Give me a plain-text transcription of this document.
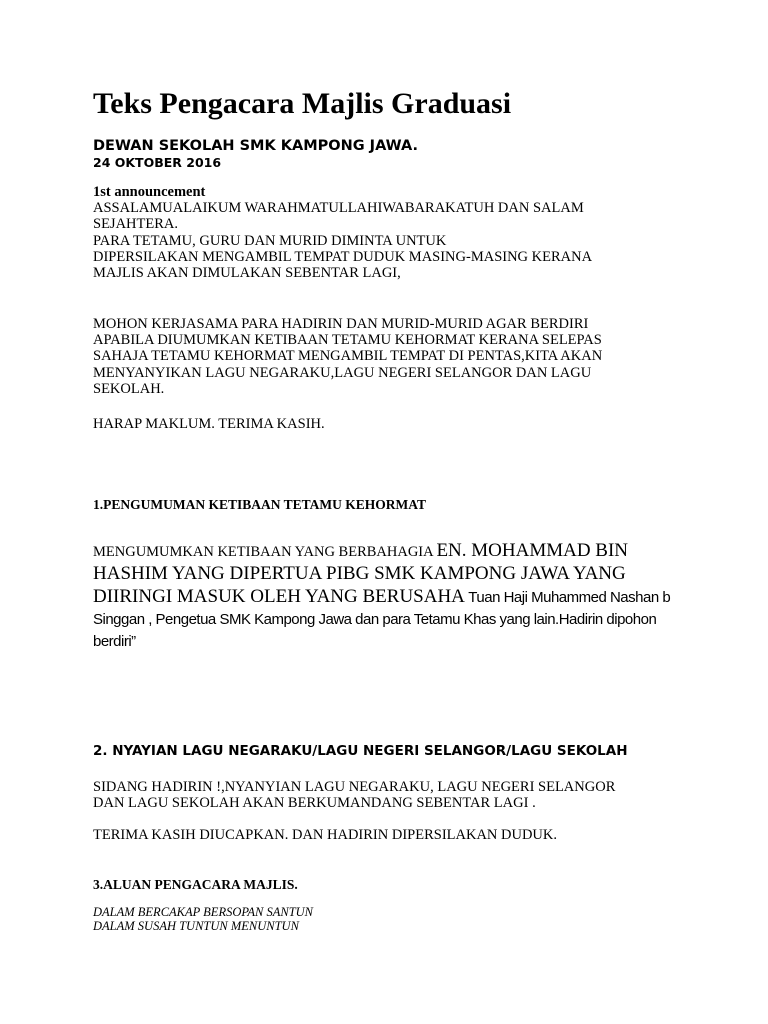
Teks Pengacara Majlis Graduasi
DEWAN SEKOLAH SMK KAMPONG JAWA.
24 OKTOBER 2016
1st announcement
ASSALAMUALAIKUM WARAHMATULLAHIWABARAKATUH DAN SALAM
SEJAHTERA.
PARA TETAMU, GURU DAN MURID DIMINTA UNTUK
DIPERSILAKAN MENGAMBIL TEMPAT DUDUK MASING-MASING KERANA
MAJLIS AKAN DIMULAKAN SEBENTAR LAGI,
MOHON KERJASAMA PARA HADIRIN DAN MURID-MURID AGAR BERDIRI
APABILA DIUMUMKAN KETIBAAN TETAMU KEHORMAT KERANA SELEPAS
SAHAJA TETAMU KEHORMAT MENGAMBIL TEMPAT DI PENTAS,KITA AKAN
MENYANYIKAN LAGU NEGARAKU,LAGU NEGERI SELANGOR DAN LAGU
SEKOLAH.
HARAP MAKLUM. TERIMA KASIH.
1.PENGUMUMAN KETIBAAN TETAMU KEHORMAT
MENGUMUMKAN KETIBAAN YANG BERBAHAGIA EN. MOHAMMAD BIN HASHIM YANG DIPERTUA PIBG SMK KAMPONG JAWA YANG DIIRINGI MASUK OLEH YANG BERUSAHA Tuan Haji Muhammed Nashan b Singgan , Pengetua SMK Kampong Jawa dan para Tetamu Khas yang lain.Hadirin dipohon berdiri”
2. NYAYIAN LAGU NEGARAKU/LAGU NEGERI SELANGOR/LAGU SEKOLAH
SIDANG HADIRIN !,NYANYIAN LAGU NEGARAKU, LAGU NEGERI SELANGOR
DAN LAGU SEKOLAH AKAN BERKUMANDANG SEBENTAR LAGI .
TERIMA KASIH DIUCAPKAN. DAN HADIRIN DIPERSILAKAN DUDUK.
3.ALUAN PENGACARA MAJLIS.
DALAM BERCAKAP BERSOPAN SANTUN
DALAM SUSAH TUNTUN MENUNTUN
